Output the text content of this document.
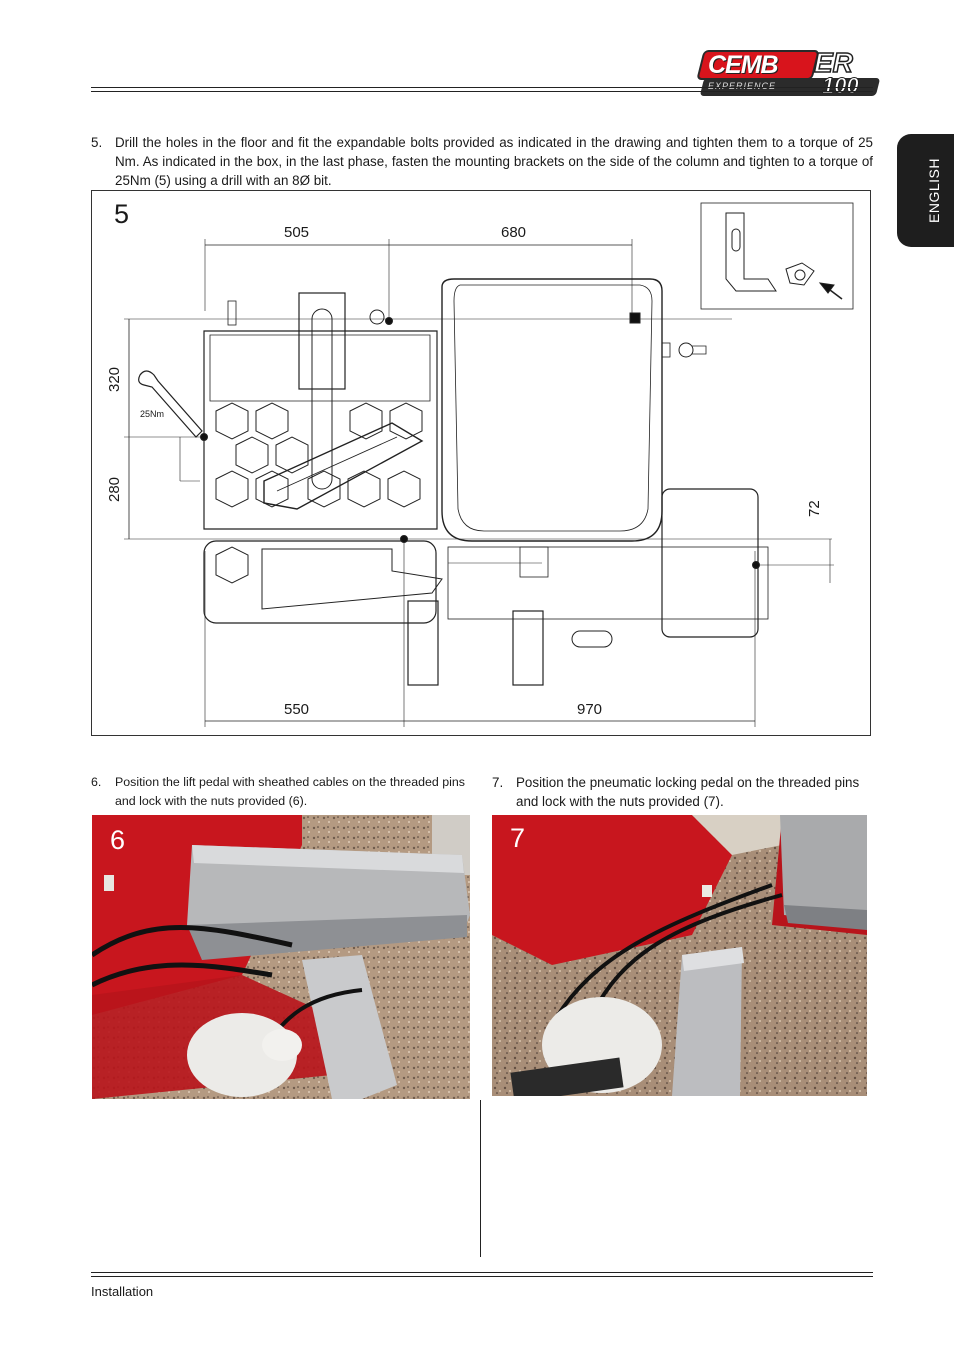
EXPERIENCE
CEMB ER
100
ENGLISH
5. Drill the holes in the floor and fit the expandable bolts provided as indicated in the drawing and tighten them to a torque of 25 Nm. As indicated in the box, in the last phase, fasten the mounting brackets on the side of the column and tighten to a torque of 25Nm (5) using a drill with an 8Ø bit.
5
505	680
320
280
72
550	970
25Nm
6. Position the lift pedal with sheathed cables on the threaded pins and lock with the nuts provided (6).
7. Position the pneumatic locking pedal on the threaded pins and lock with the nuts provided (7).
6	7
Installation
